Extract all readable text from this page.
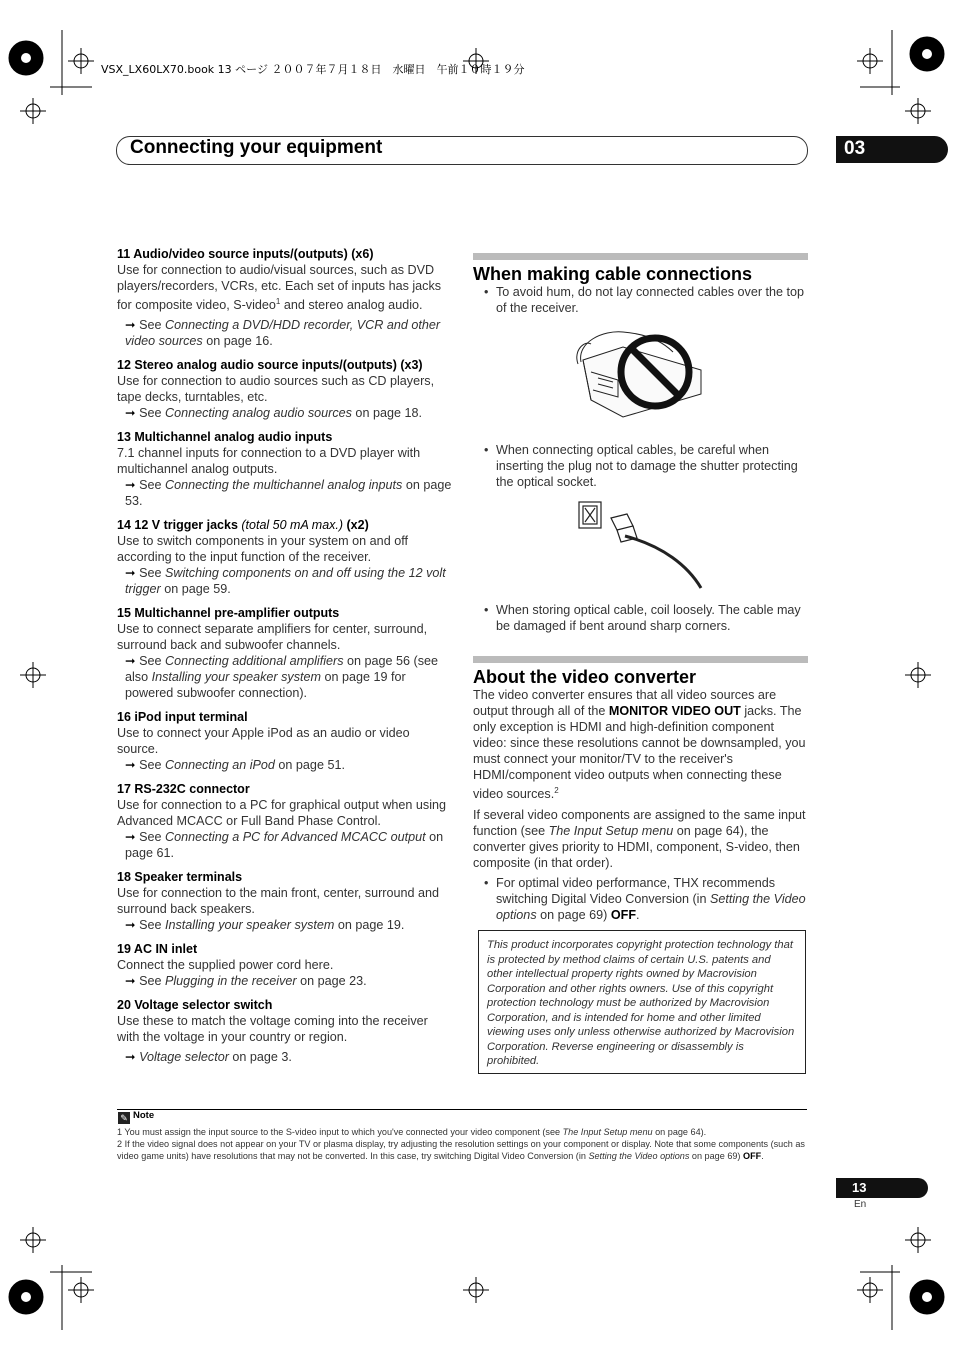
VSX_LX60LX70.book 13 ページ ２００７年７月１８日　水曜日　午前１０時１９分
Connecting your equipment	03
11 Audio/video source inputs/(outputs) (x6)

Use for connection to audio/visual sources, such as DVD players/recorders, VCRs, etc. Each set of inputs has jacks for composite video, S-video$^1$ and stereo analog audio.

➞ See Connecting a DVD/HDD recorder, VCR and other video sources on page 16.

12 Stereo analog audio source inputs/(outputs) (x3)

Use for connection to audio sources such as CD players, tape decks, turntables, etc.

➞ See Connecting analog audio sources on page 18.

13 Multichannel analog audio inputs

7.1 channel inputs for connection to a DVD player with multichannel analog outputs.

➞ See Connecting the multichannel analog inputs on page 53.

14 12 V trigger jacks (total 50 mA max.) (x2)

Use to switch components in your system on and off according to the input function of the receiver.

➞ See Switching components on and off using the 12 volt trigger on page 59.

15 Multichannel pre-amplifier outputs

Use to connect separate amplifiers for center, surround, surround back and subwoofer channels.

➞ See Connecting additional amplifiers on page 56 (see also Installing your speaker system on page 19 for powered subwoofer connection).

16 iPod input terminal

Use to connect your Apple iPod as an audio or video source.

➞ See Connecting an iPod on page 51.

17 RS-232C connector

Use for connection to a PC for graphical output when using Advanced MCACC or Full Band Phase Control.

➞ See Connecting a PC for Advanced MCACC output on page 61.

18 Speaker terminals

Use for connection to the main front, center, surround and surround back speakers.

➞ See Installing your speaker system on page 19.

19 AC IN inlet

Connect the supplied power cord here.

➞ See Plugging in the receiver on page 23.

20 Voltage selector switch

Use these to match the voltage coming into the receiver with the voltage in your country or region.

➞ Voltage selector on page 3.

When making cable connections
• To avoid hum, do not lay connected cables over the top of the receiver.
• When connecting optical cables, be careful when inserting the plug not to damage the shutter protecting the optical socket.
• When storing optical cable, coil loosely. The cable may be damaged if bent around sharp corners.
About the video converter

The video converter ensures that all video sources are output through all of the MONITOR VIDEO OUT jacks. The only exception is HDMI and high-definition component video: since these resolutions cannot be downsampled, you must connect your monitor/TV to the receiver's HDMI/component video outputs when connecting these video sources.$^2$

If several video components are assigned to the same input function (see The Input Setup menu on page 64), the converter gives priority to HDMI, component, S-video, then composite (in that order).

• For optimal video performance, THX recommends switching Digital Video Conversion (in Setting the Video options on page 69) OFF.

This product incorporates copyright protection technology that is protected by method claims of certain U.S. patents and other intellectual property rights owned by Macrovision Corporation and other rights owners. Use of this copyright protection technology must be authorized by Macrovision Corporation, and is intended for home and other limited viewing uses only unless otherwise authorized by Macrovision Corporation. Reverse engineering or disassembly is prohibited.

✎ Note

1 You must assign the input source to the S-video input to which you've connected your video component (see The Input Setup menu on page 64).

2 If the video signal does not appear on your TV or plasma display, try adjusting the resolution settings on your component or display. Note that some components (such as video game units) have resolutions that may not be converted. In this case, try switching Digital Video Conversion (in Setting the Video options on page 69) OFF.

13
En
